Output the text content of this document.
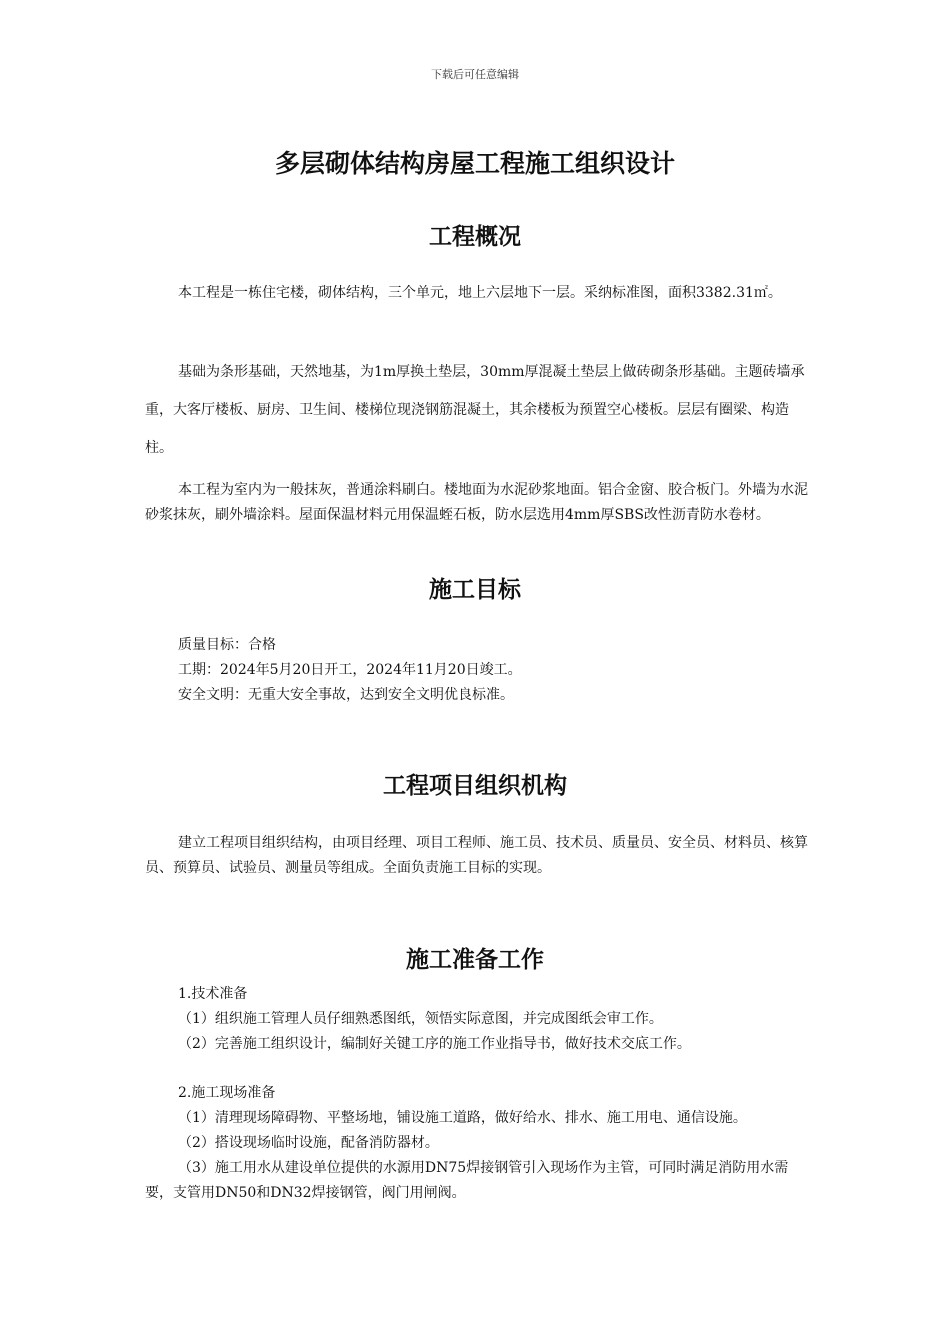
下载后可任意编辑
多层砌体结构房屋工程施工组织设计
工程概况

本工程是一栋住宅楼，砌体结构，三个单元，地上六层地下一层。采纳标准图，面积3382.31㎡。

基础为条形基础，天然地基，为1m厚换土垫层，30mm厚混凝土垫层上做砖砌条形基础。主题砖墙承重，大客厅楼板、厨房、卫生间、楼梯位现浇钢筋混凝土，其余楼板为预置空心楼板。层层有圈梁、构造柱。

本工程为室内为一般抹灰，普通涂料刷白。楼地面为水泥砂浆地面。铝合金窗、胶合板门。外墙为水泥砂浆抹灰，刷外墙涂料。屋面保温材料元用保温蛭石板，防水层选用4mm厚SBS改性沥青防水卷材。

施工目标

质量目标：合格

工期：2024年5月20日开工，2024年11月20日竣工。

安全文明：无重大安全事故，达到安全文明优良标准。

工程项目组织机构

建立工程项目组织结构，由项目经理、项目工程师、施工员、技术员、质量员、安全员、材料员、核算员、预算员、试验员、测量员等组成。全面负责施工目标的实现。

施工准备工作

1.技术准备

（1）组织施工管理人员仔细熟悉图纸，领悟实际意图，并完成图纸会审工作。

（2）完善施工组织设计，编制好关键工序的施工作业指导书，做好技术交底工作。

2.施工现场准备

（1）清理现场障碍物、平整场地，铺设施工道路，做好给水、排水、施工用电、通信设施。

（2）搭设现场临时设施，配备消防器材。

（3）施工用水从建设单位提供的水源用DN75焊接钢管引入现场作为主管，可同时满足消防用水需要，支管用DN50和DN32焊接钢管，阀门用闸阀。
